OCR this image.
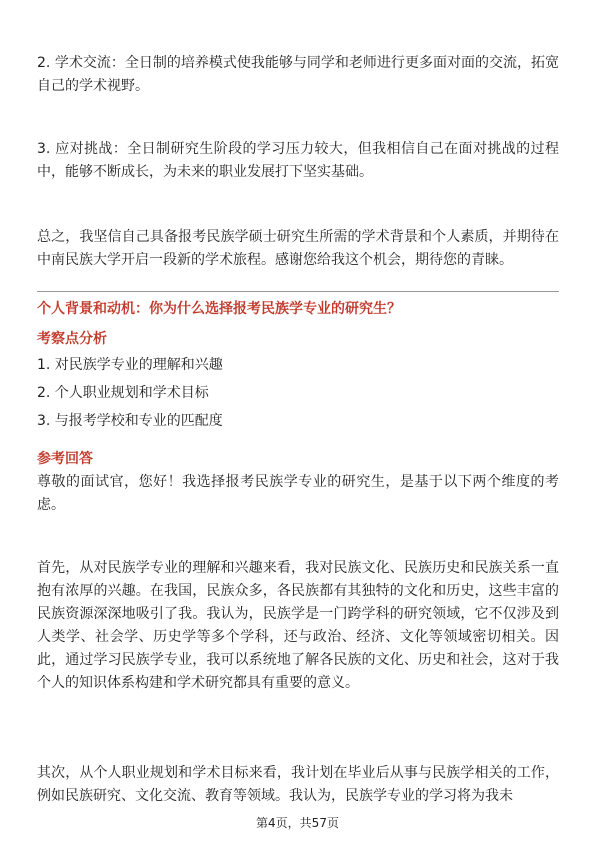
2. 学术交流：全日制的培养模式使我能够与同学和老师进行更多面对面的交流，拓宽自己的学术视野。

3. 应对挑战：全日制研究生阶段的学习压力较大，但我相信自己在面对挑战的过程中，能够不断成长，为未来的职业发展打下坚实基础。

总之，我坚信自己具备报考民族学硕士研究生所需的学术背景和个人素质，并期待在中南民族大学开启一段新的学术旅程。感谢您给我这个机会，期待您的青睐。

个人背景和动机：你为什么选择报考民族学专业的研究生？

考察点分析

1. 对民族学专业的理解和兴趣

2. 个人职业规划和学术目标

3. 与报考学校和专业的匹配度

参考回答

尊敬的面试官，您好！我选择报考民族学专业的研究生，是基于以下两个维度的考虑。

首先，从对民族学专业的理解和兴趣来看，我对民族文化、民族历史和民族关系一直抱有浓厚的兴趣。在我国，民族众多，各民族都有其独特的文化和历史，这些丰富的民族资源深深地吸引了我。我认为，民族学是一门跨学科的研究领域，它不仅涉及到人类学、社会学、历史学等多个学科，还与政治、经济、文化等领域密切相关。因此，通过学习民族学专业，我可以系统地了解各民族的文化、历史和社会，这对于我个人的知识体系构建和学术研究都具有重要的意义。

其次，从个人职业规划和学术目标来看，我计划在毕业后从事与民族学相关的工作，例如民族研究、文化交流、教育等领域。我认为，民族学专业的学习将为我未

第4页，共57页
